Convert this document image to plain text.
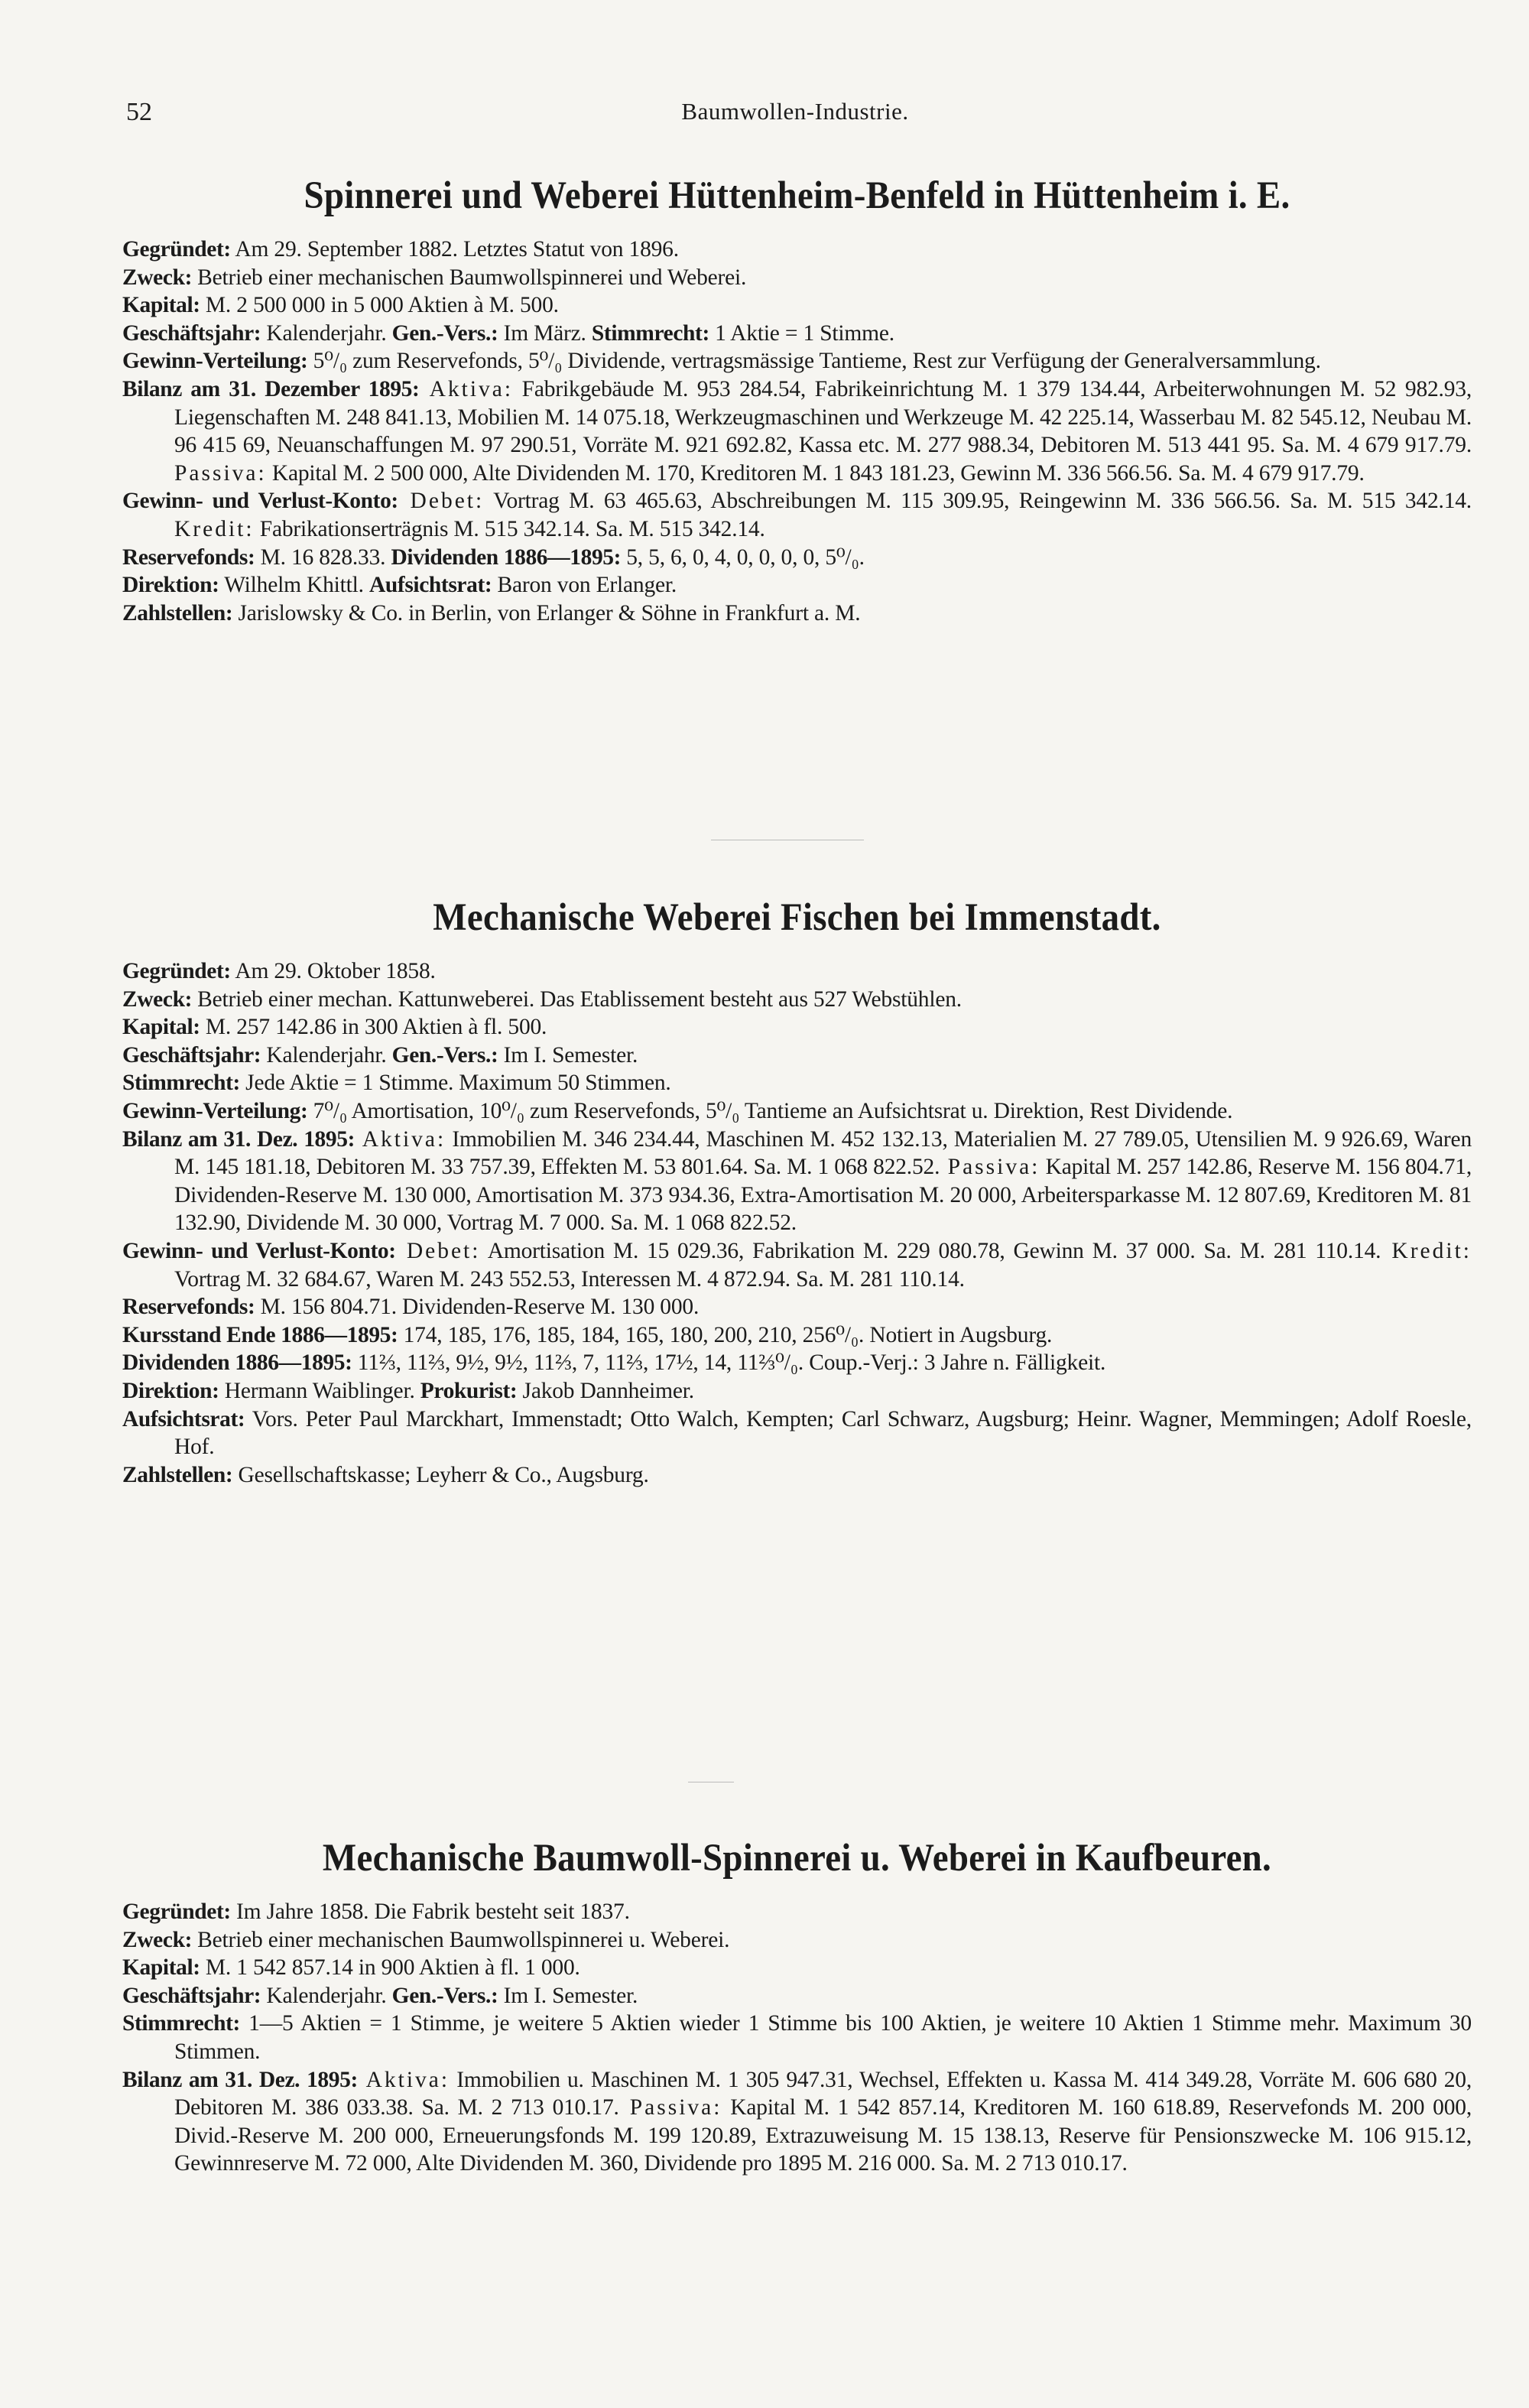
52	Baumwollen-Industrie.
Spinnerei und Weberei Hüttenheim-Benfeld in Hüttenheim i. E.

Gegründet: Am 29. September 1882. Letztes Statut von 1896.

Zweck: Betrieb einer mechanischen Baumwollspinnerei und Weberei.

Kapital: M. 2 500 000 in 5 000 Aktien à M. 500.

Geschäftsjahr: Kalenderjahr. Gen.-Vers.: Im März. Stimmrecht: 1 Aktie = 1 Stimme.

Gewinn-Verteilung: 5⁰/₀ zum Reservefonds, 5⁰/₀ Dividende, vertragsmässige Tantieme, Rest zur Verfügung der Generalversammlung.

Bilanz am 31. Dezember 1895: Aktiva: Fabrikgebäude M. 953 284.54, Fabrikeinrichtung M. 1 379 134.44, Arbeiterwohnungen M. 52 982.93, Liegenschaften M. 248 841.13, Mobilien M. 14 075.18, Werkzeugmaschinen und Werkzeuge M. 42 225.14, Wasserbau M. 82 545.12, Neubau M. 96 415 69, Neuanschaffungen M. 97 290.51, Vorräte M. 921 692.82, Kassa etc. M. 277 988.34, Debitoren M. 513 441 95. Sa. M. 4 679 917.79. Passiva: Kapital M. 2 500 000, Alte Dividenden M. 170, Kreditoren M. 1 843 181.23, Gewinn M. 336 566.56. Sa. M. 4 679 917.79.

Gewinn- und Verlust-Konto: Debet: Vortrag M. 63 465.63, Abschreibungen M. 115 309.95, Reingewinn M. 336 566.56. Sa. M. 515 342.14. Kredit: Fabrikationserträgnis M. 515 342.14. Sa. M. 515 342.14.

Reservefonds: M. 16 828.33. Dividenden 1886—1895: 5, 5, 6, 0, 4, 0, 0, 0, 0, 5⁰/₀.

Direktion: Wilhelm Khittl. Aufsichtsrat: Baron von Erlanger.

Zahlstellen: Jarislowsky & Co. in Berlin, von Erlanger & Söhne in Frankfurt a. M.

Mechanische Weberei Fischen bei Immenstadt.

Gegründet: Am 29. Oktober 1858.

Zweck: Betrieb einer mechan. Kattunweberei. Das Etablissement besteht aus 527 Webstühlen.

Kapital: M. 257 142.86 in 300 Aktien à fl. 500.

Geschäftsjahr: Kalenderjahr. Gen.-Vers.: Im I. Semester.

Stimmrecht: Jede Aktie = 1 Stimme. Maximum 50 Stimmen.

Gewinn-Verteilung: 7⁰/₀ Amortisation, 10⁰/₀ zum Reservefonds, 5⁰/₀ Tantieme an Aufsichtsrat u. Direktion, Rest Dividende.

Bilanz am 31. Dez. 1895: Aktiva: Immobilien M. 346 234.44, Maschinen M. 452 132.13, Materialien M. 27 789.05, Utensilien M. 9 926.69, Waren M. 145 181.18, Debitoren M. 33 757.39, Effekten M. 53 801.64. Sa. M. 1 068 822.52. Passiva: Kapital M. 257 142.86, Reserve M. 156 804.71, Dividenden-Reserve M. 130 000, Amortisation M. 373 934.36, Extra-Amortisation M. 20 000, Arbeitersparkasse M. 12 807.69, Kreditoren M. 81 132.90, Dividende M. 30 000, Vortrag M. 7 000. Sa. M. 1 068 822.52.

Gewinn- und Verlust-Konto: Debet: Amortisation M. 15 029.36, Fabrikation M. 229 080.78, Gewinn M. 37 000. Sa. M. 281 110.14. Kredit: Vortrag M. 32 684.67, Waren M. 243 552.53, Interessen M. 4 872.94. Sa. M. 281 110.14.

Reservefonds: M. 156 804.71. Dividenden-Reserve M. 130 000.

Kursstand Ende 1886—1895: 174, 185, 176, 185, 184, 165, 180, 200, 210, 256⁰/₀. Notiert in Augsburg.

Dividenden 1886—1895: 11⅔, 11⅔, 9½, 9½, 11⅔, 7, 11⅔, 17½, 14, 11⅔⁰/₀. Coup.-Verj.: 3 Jahre n. Fälligkeit.

Direktion: Hermann Waiblinger. Prokurist: Jakob Dannheimer.

Aufsichtsrat: Vors. Peter Paul Marckhart, Immenstadt; Otto Walch, Kempten; Carl Schwarz, Augsburg; Heinr. Wagner, Memmingen; Adolf Roesle, Hof.

Zahlstellen: Gesellschaftskasse; Leyherr & Co., Augsburg.

Mechanische Baumwoll-Spinnerei u. Weberei in Kaufbeuren.

Gegründet: Im Jahre 1858. Die Fabrik besteht seit 1837.

Zweck: Betrieb einer mechanischen Baumwollspinnerei u. Weberei.

Kapital: M. 1 542 857.14 in 900 Aktien à fl. 1 000.

Geschäftsjahr: Kalenderjahr. Gen.-Vers.: Im I. Semester.

Stimmrecht: 1—5 Aktien = 1 Stimme, je weitere 5 Aktien wieder 1 Stimme bis 100 Aktien, je weitere 10 Aktien 1 Stimme mehr. Maximum 30 Stimmen.

Bilanz am 31. Dez. 1895: Aktiva: Immobilien u. Maschinen M. 1 305 947.31, Wechsel, Effekten u. Kassa M. 414 349.28, Vorräte M. 606 680 20, Debitoren M. 386 033.38. Sa. M. 2 713 010.17. Passiva: Kapital M. 1 542 857.14, Kreditoren M. 160 618.89, Reservefonds M. 200 000, Divid.-Reserve M. 200 000, Erneuerungsfonds M. 199 120.89, Extrazuweisung M. 15 138.13, Reserve für Pensionszwecke M. 106 915.12, Gewinnreserve M. 72 000, Alte Dividenden M. 360, Dividende pro 1895 M. 216 000. Sa. M. 2 713 010.17.
